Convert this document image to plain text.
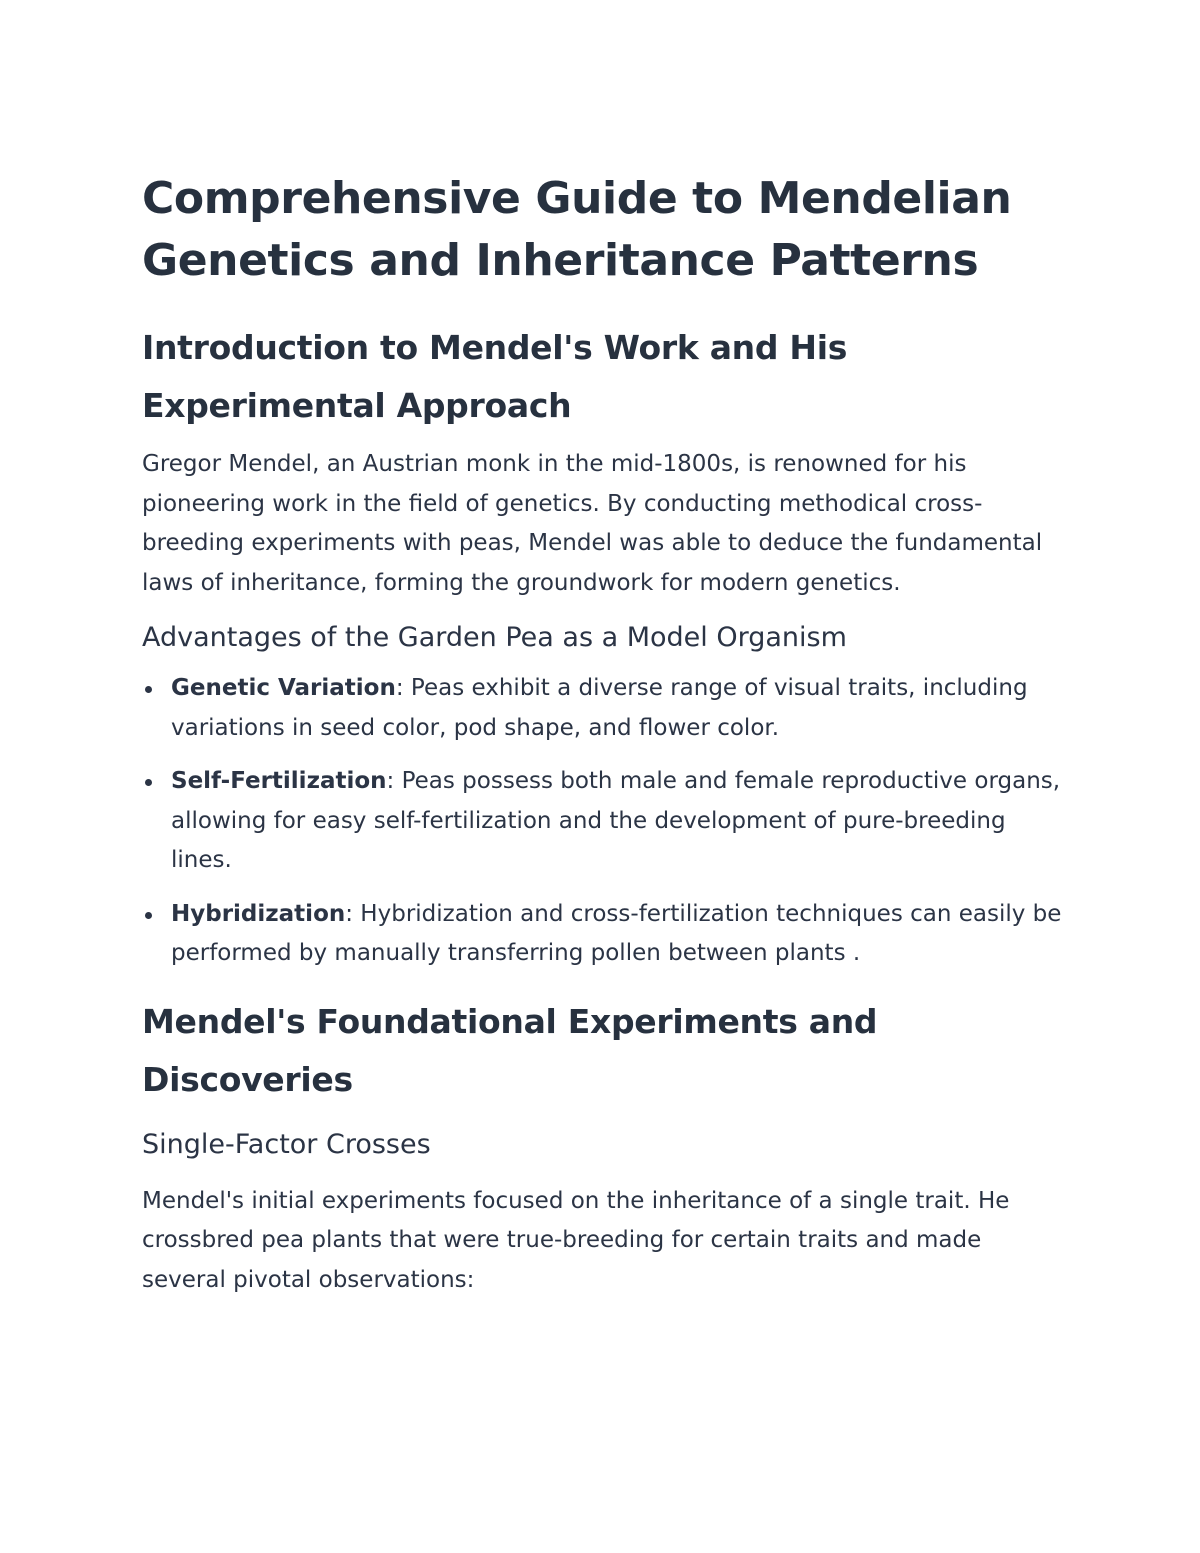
Comprehensive Guide to Mendelian Genetics and Inheritance Patterns
Introduction to Mendel's Work and His Experimental Approach

Gregor Mendel, an Austrian monk in the mid-1800s, is renowned for his pioneering work in the field of genetics. By conducting methodical cross-breeding experiments with peas, Mendel was able to deduce the fundamental laws of inheritance, forming the groundwork for modern genetics.

Advantages of the Garden Pea as a Model Organism
Genetic Variation: Peas exhibit a diverse range of visual traits, including variations in seed color, pod shape, and flower color.
Self-Fertilization: Peas possess both male and female reproductive organs, allowing for easy self-fertilization and the development of pure-breeding lines.
Hybridization: Hybridization and cross-fertilization techniques can easily be performed by manually transferring pollen between plants .
Mendel's Foundational Experiments and Discoveries
Single-Factor Crosses

Mendel's initial experiments focused on the inheritance of a single trait. He crossbred pea plants that were true-breeding for certain traits and made several pivotal observations:
